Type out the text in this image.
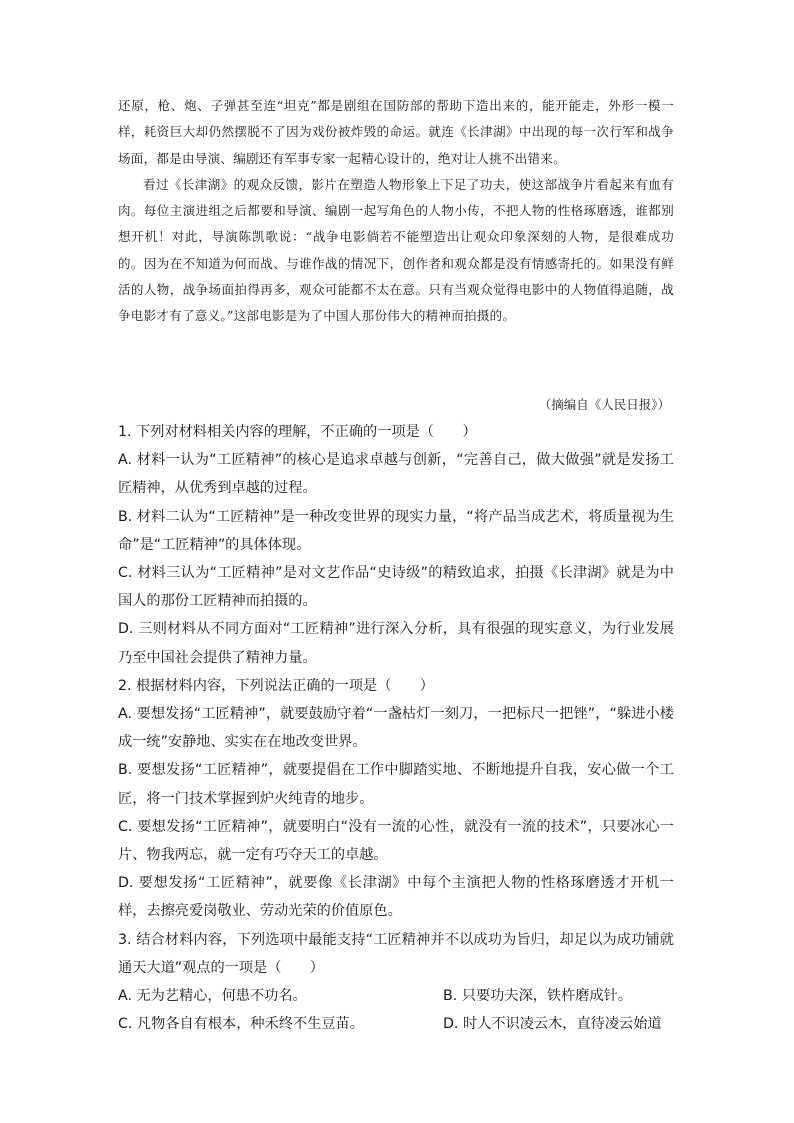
还原，枪、炮、子弹甚至连“坦克”都是剧组在国防部的帮助下造出来的，能开能走，外形一模一样，耗资巨大却仍然摆脱不了因为戏份被炸毁的命运。就连《长津湖》中出现的每一次行军和战争场面，都是由导演、编剧还有军事专家一起精心设计的，绝对让人挑不出错来。

看过《长津湖》的观众反馈，影片在塑造人物形象上下足了功夫，使这部战争片看起来有血有肉。每位主演进组之后都要和导演、编剧一起写角色的人物小传，不把人物的性格琢磨透，谁都别想开机！对此，导演陈凯歌说：“战争电影倘若不能塑造出让观众印象深刻的人物，是很难成功的。因为在不知道为何而战、与谁作战的情况下，创作者和观众都是没有情感寄托的。如果没有鲜活的人物，战争场面拍得再多，观众可能都不太在意。只有当观众觉得电影中的人物值得追随，战争电影才有了意义。”这部电影是为了中国人那份伟大的精神而拍摄的。

（摘编自《人民日报》）

1. 下列对材料相关内容的理解，不正确的一项是（　　）

A. 材料一认为“工匠精神”的核心是追求卓越与创新，“完善自己，做大做强”就是发扬工匠精神，从优秀到卓越的过程。

B. 材料二认为“工匠精神”是一种改变世界的现实力量，“将产品当成艺术，将质量视为生命”是“工匠精神”的具体体现。

C. 材料三认为“工匠精神”是对文艺作品“史诗级”的精致追求，拍摄《长津湖》就是为中国人的那份工匠精神而拍摄的。

D. 三则材料从不同方面对“工匠精神”进行深入分析，具有很强的现实意义，为行业发展乃至中国社会提供了精神力量。

2. 根据材料内容，下列说法正确的一项是（　　）

A. 要想发扬“工匠精神”，就要鼓励守着“一盏枯灯一刻刀，一把标尺一把锉”，“躲进小楼成一统”安静地、实实在在地改变世界。

B. 要想发扬“工匠精神”，就要提倡在工作中脚踏实地、不断地提升自我，安心做一个工匠，将一门技术掌握到炉火纯青的地步。

C. 要想发扬“工匠精神”，就要明白“没有一流的心性，就没有一流的技术”，只要冰心一片、物我两忘，就一定有巧夺天工的卓越。

D. 要想发扬“工匠精神”，就要像《长津湖》中每个主演把人物的性格琢磨透才开机一样，去擦亮爱岗敬业、劳动光荣的价值原色。

3. 结合材料内容，下列选项中最能支持“工匠精神并不以成功为旨归，却足以为成功铺就通天大道”观点的一项是（　　）

A. 无为艺精心，何患不功名。	B. 只要功夫深，铁杵磨成针。
C. 凡物各自有根本，种禾终不生豆苗。	D. 时人不识凌云木，直待凌云始道
